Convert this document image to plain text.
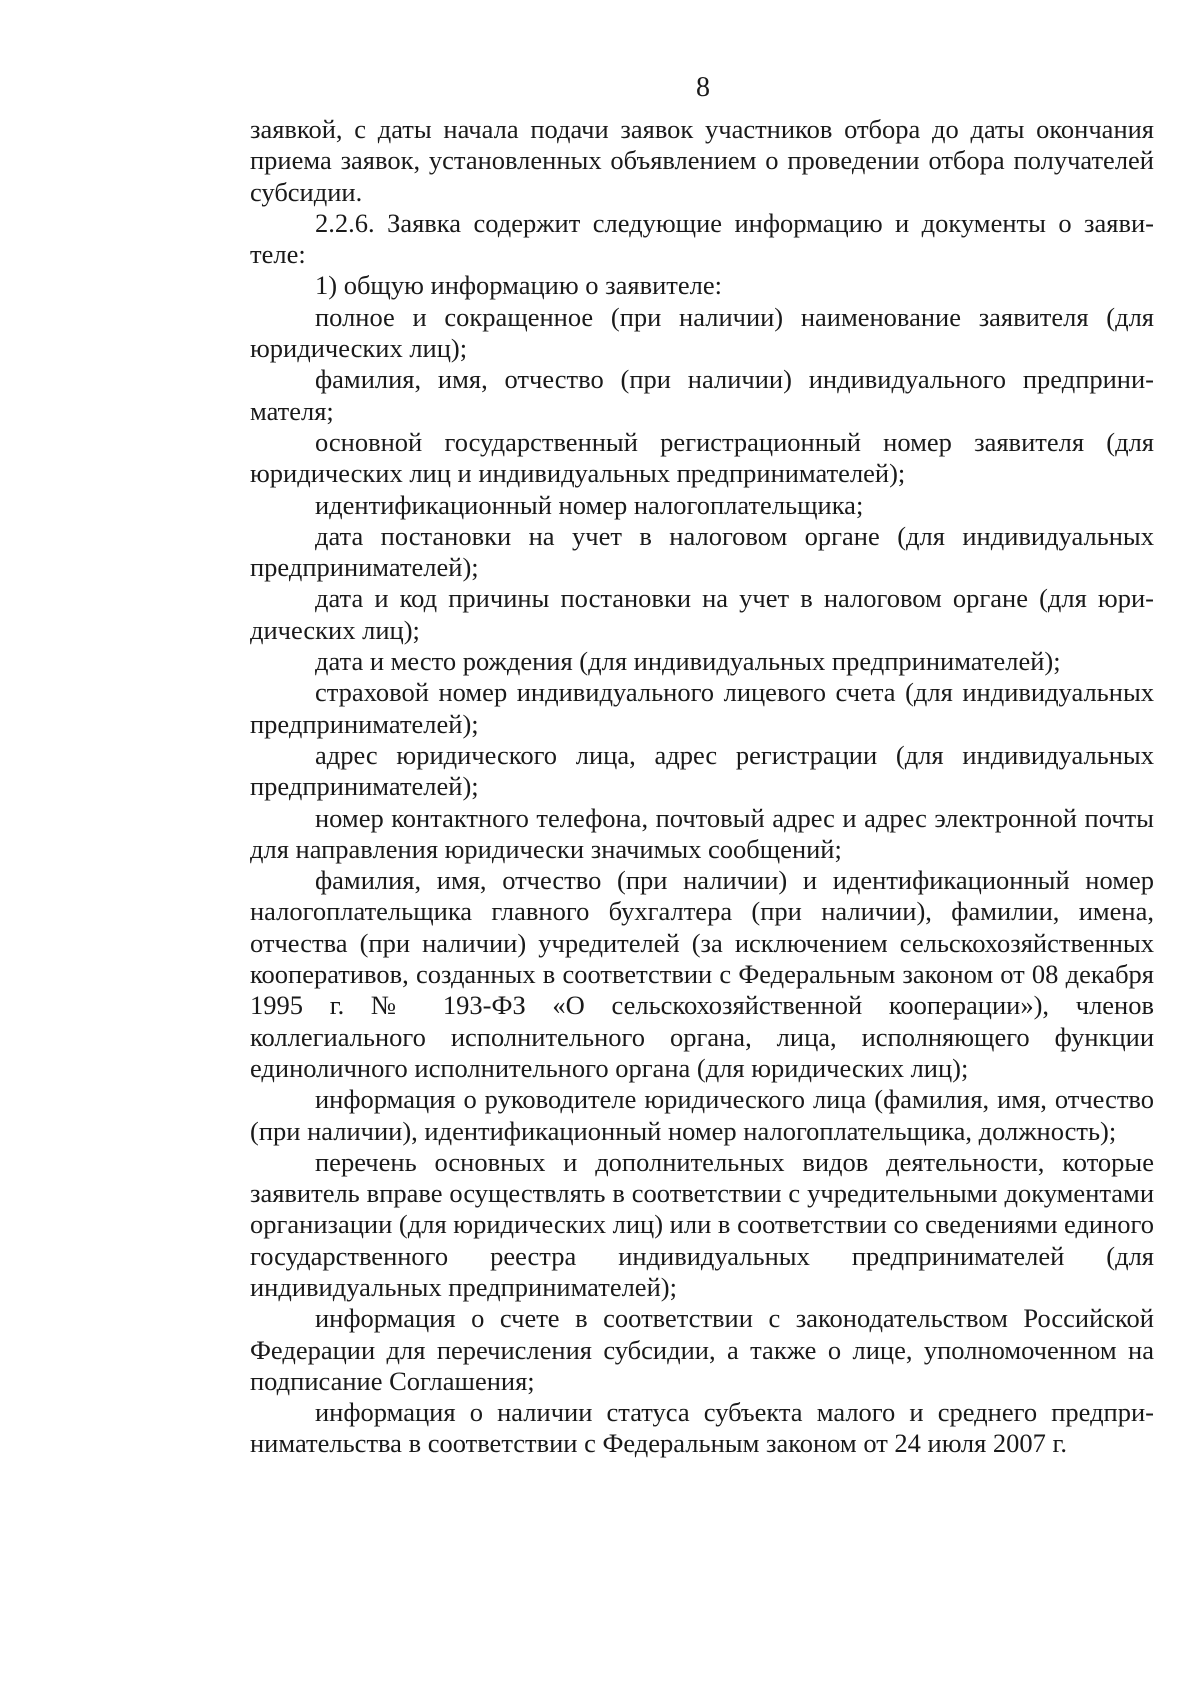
8

заявкой, с даты начала подачи заявок участников отбора до даты окончания приема заявок, установленных объявлением о проведении отбора получателей субсидии.

2.2.6. Заявка содержит следующие информацию и документы о заявителе:

1) общую информацию о заявителе:

полное и сокращенное (при наличии) наименование заявителя (для юридических лиц);

фамилия, имя, отчество (при наличии) индивидуального предпринимателя;

основной государственный регистрационный номер заявителя (для юридических лиц и индивидуальных предпринимателей);

идентификационный номер налогоплательщика;

дата постановки на учет в налоговом органе (для индивидуальных предпринимателей);

дата и код причины постановки на учет в налоговом органе (для юридических лиц);

дата и место рождения (для индивидуальных предпринимателей);

страховой номер индивидуального лицевого счета (для индивидуальных предпринимателей);

адрес юридического лица, адрес регистрации (для индивидуальных предпринимателей);

номер контактного телефона, почтовый адрес и адрес электронной почты для направления юридически значимых сообщений;

фамилия, имя, отчество (при наличии) и идентификационный номер налогоплательщика главного бухгалтера (при наличии), фамилии, имена, отчества (при наличии) учредителей (за исключением сельскохозяйственных кооперативов, созданных в соответствии с Федеральным законом от 08 декабря 1995 г. № 193-ФЗ «О сельскохозяйственной кооперации»), членов коллегиального исполнительного органа, лица, исполняющего функции единоличного исполнительного органа (для юридических лиц);

информация о руководителе юридического лица (фамилия, имя, отчество (при наличии), идентификационный номер налогоплательщика, должность);

перечень основных и дополнительных видов деятельности, которые заявитель вправе осуществлять в соответствии с учредительными документами организации (для юридических лиц) или в соответствии со сведениями единого государственного реестра индивидуальных предпринимателей (для индивидуальных предпринимателей);

информация о счете в соответствии с законодательством Российской Федерации для перечисления субсидии, а также о лице, уполномоченном на подписание Соглашения;

информация о наличии статуса субъекта малого и среднего предпринимательства в соответствии с Федеральным законом от 24 июля 2007 г.
